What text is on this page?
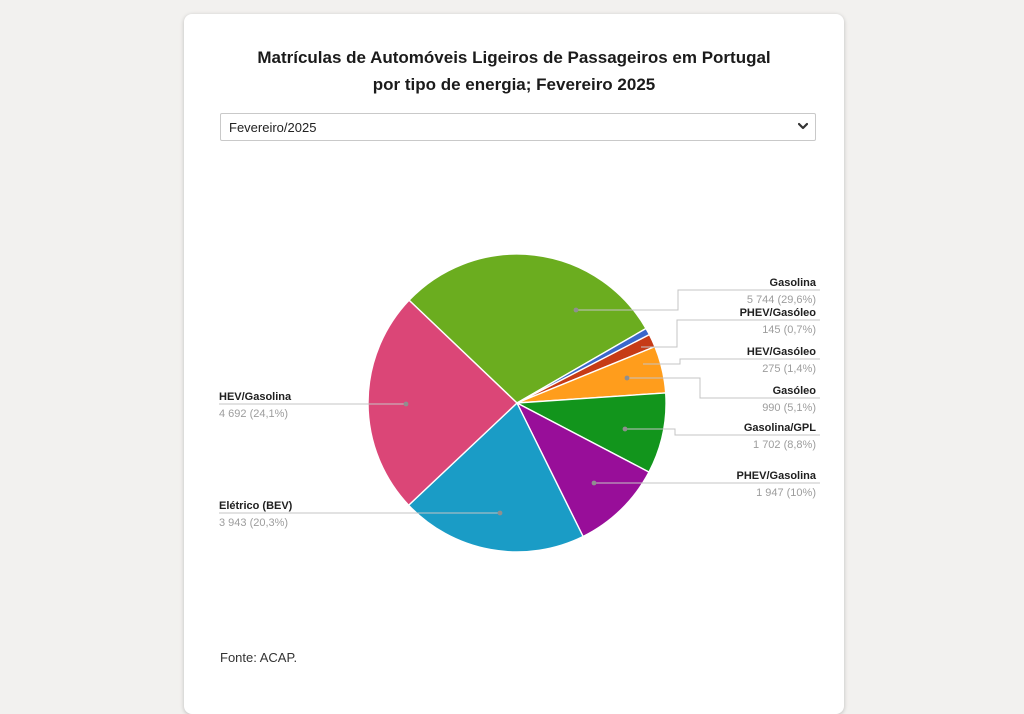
Matrículas de Automóveis Ligeiros de Passageiros em Portugal
por tipo de energia; Fevereiro 2025
Fevereiro/2025
Gasolina
5 744 (29,6%)
PHEV/Gasóleo
145 (0,7%)
HEV/Gasóleo
275 (1,4%)
Gasóleo
990 (5,1%)
Gasolina/GPL
1 702 (8,8%)
PHEV/Gasolina
1 947 (10%)
Elétrico (BEV)
3 943 (20,3%)
HEV/Gasolina
4 692 (24,1%)
Fonte: ACAP.
